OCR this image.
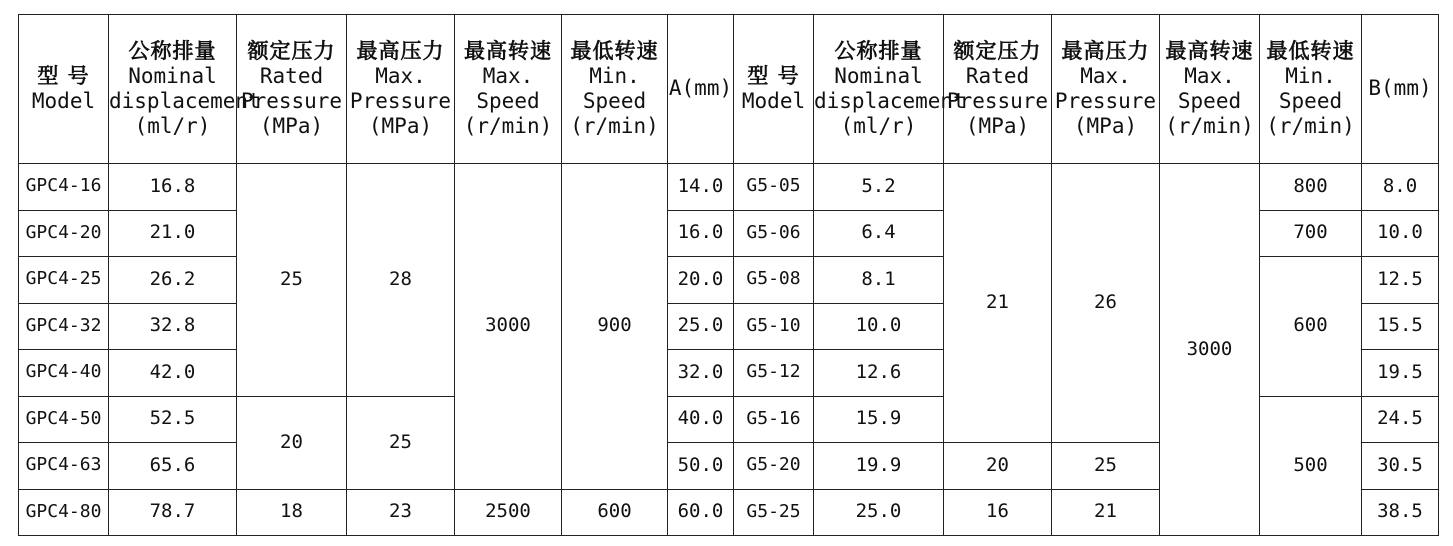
型 号
Model	公称排量
Nominal
displacement
(ml/r)	额定压力
Rated
Pressure
(MPa)	最高压力
Max.
Pressure
(MPa)	最高转速
Max.
Speed
(r/min)	最低转速
Min.
Speed
(r/min)	A(mm)	型 号
Model	公称排量
Nominal
displacement
(ml/r)	额定压力
Rated
Pressure
(MPa)	最高压力
Max.
Pressure
(MPa)	最高转速
Max.
Speed
(r/min)	最低转速
Min.
Speed
(r/min)	B(mm)
GPC4-16	16.8	25	28	3000	900	14.0	G5-05	5.2	21	26	3000	800	8.0
GPC4-20	21.0					16.0	G5-06	6.4				700	10.0
GPC4-25	26.2					20.0	G5-08	8.1				600	12.5
GPC4-32	32.8					25.0	G5-10	10.0					15.5
GPC4-40	42.0					32.0	G5-12	12.6					19.5
GPC4-50	52.5	20	25			40.0	G5-16	15.9				500	24.5
GPC4-63	65.6					50.0	G5-20	19.9	20	25			30.5
GPC4-80	78.7	18	23	2500	600	60.0	G5-25	25.0	16	21			38.5
